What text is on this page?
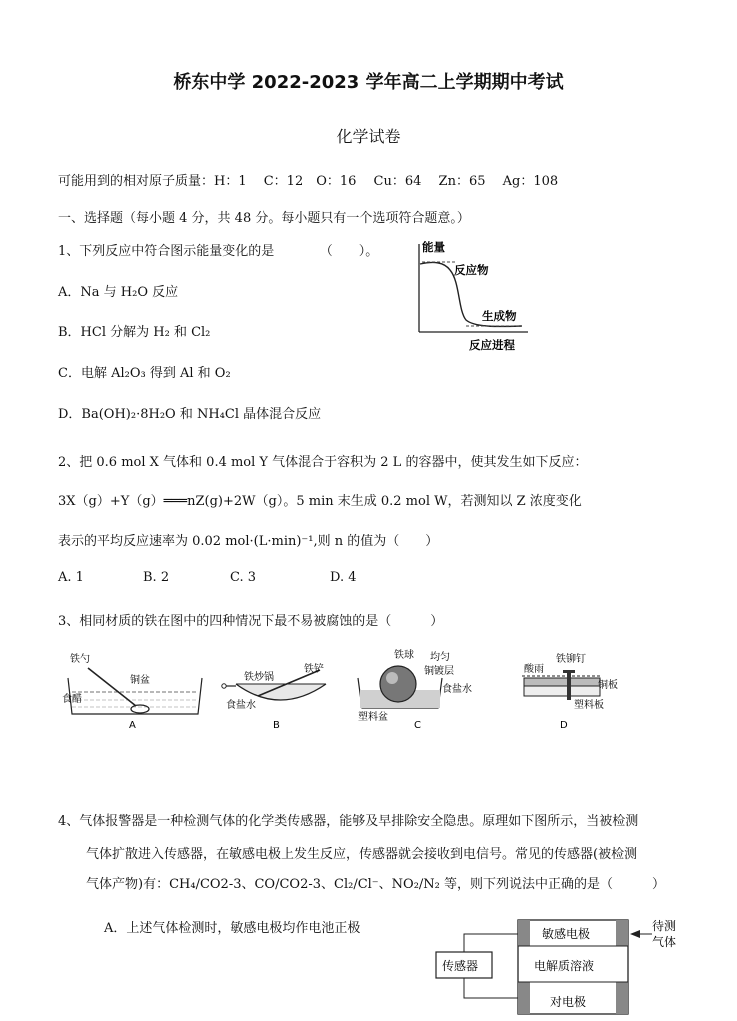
桥东中学 2022-2023 学年高二上学期期中考试
化学试卷
可能用到的相对原子质量：H：1　 C：12　O：16　 Cu：64　 Zn：65　 Ag：108
一、选择题（每小题 4 分，共 48 分。每小题只有一个选项符合题意。）
1、下列反应中符合图示能量变化的是　　　　（　　）。
A．Na 与 H₂O 反应
B．HCl 分解为 H₂ 和 Cl₂
C．电解 Al₂O₃ 得到 Al 和 O₂
D．Ba(OH)₂·8H₂O 和 NH₄Cl 晶体混合反应
能量
反应物
生成物
反应进程
2、把 0.6 mol X 气体和 0.4 mol Y 气体混合于容积为 2 L 的容器中，使其发生如下反应：
3X（g）+Y（g）═══nZ(g)+2W（g）。5 min 末生成 0.2 mol W，若测知以 Z 浓度变化
表示的平均反应速率为 0.02 mol·(L·min)⁻¹,则 n 的值为（　　）
A. 1	B. 2	C. 3	D. 4
3、相同材质的铁在图中的四种情况下最不易被腐蚀的是（　　　）
铁勺
铜盆
食醋
A
铁炒锅
铁铲
食盐水
B
铁球 均匀
铜镀层
食盐水
塑料盆
C
酸雨
铁铆钉
铜板
塑料板
D
4、气体报警器是一种检测气体的化学类传感器，能够及早排除安全隐患。原理如下图所示，当被检测
气体扩散进入传感器，在敏感电极上发生反应，传感器就会接收到电信号。常见的传感器(被检测
气体产物)有：CH₄/CO2-3、CO/CO2-3、Cl₂/Cl⁻、NO₂/N₂ 等，则下列说法中正确的是（　　　）
A．上述气体检测时，敏感电极均作电池正极
传感器
敏感电极
电解质溶液
对电极
待测
气体
